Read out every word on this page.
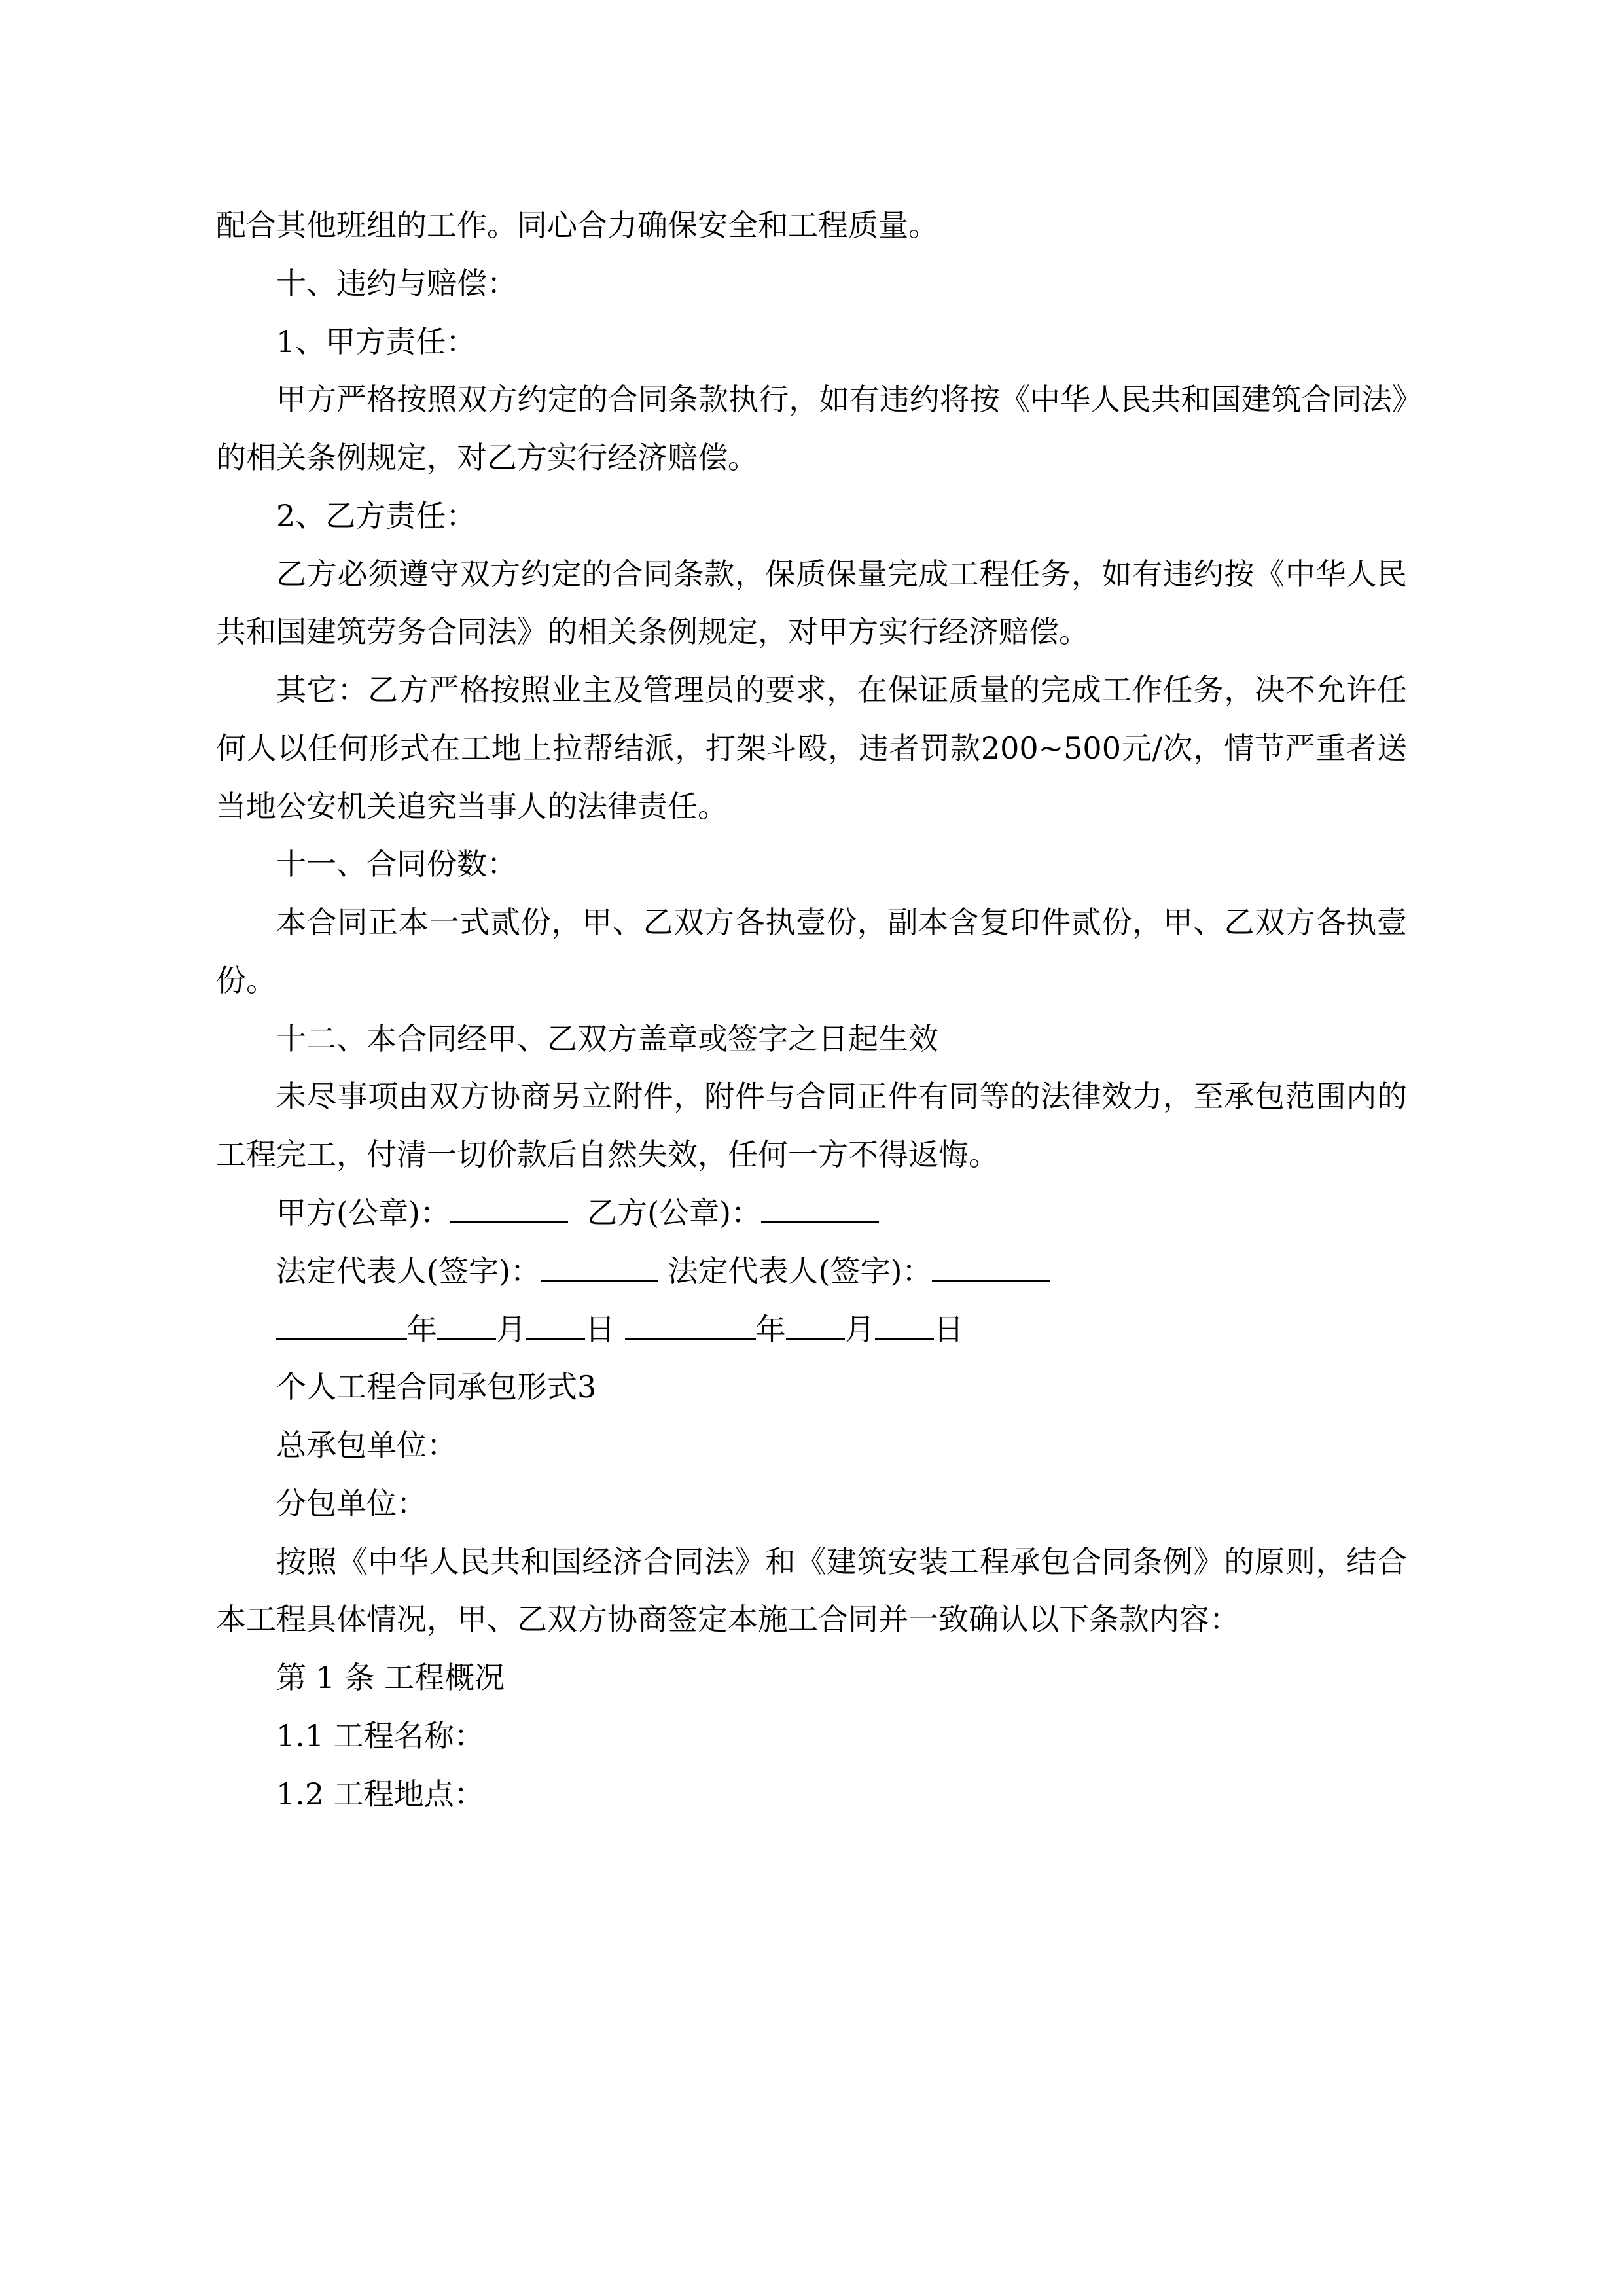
配合其他班组的工作。同心合力确保安全和工程质量。

十、违约与赔偿：

1、甲方责任：

甲方严格按照双方约定的合同条款执行，如有违约将按《中华人民共和国建筑合同法》的相关条例规定，对乙方实行经济赔偿。

2、乙方责任：

乙方必须遵守双方约定的合同条款，保质保量完成工程任务，如有违约按《中华人民共和国建筑劳务合同法》的相关条例规定，对甲方实行经济赔偿。

其它：乙方严格按照业主及管理员的要求，在保证质量的完成工作任务，决不允许任何人以任何形式在工地上拉帮结派，打架斗殴，违者罚款200~500元/次，情节严重者送当地公安机关追究当事人的法律责任。

十一、合同份数：

本合同正本一式贰份，甲、乙双方各执壹份，副本含复印件贰份，甲、乙双方各执壹份。

十二、本合同经甲、乙双方盖章或签字之日起生效

未尽事项由双方协商另立附件，附件与合同正件有同等的法律效力，至承包范围内的工程完工，付清一切价款后自然失效，任何一方不得返悔。

甲方(公章)：	乙方(公章)：

法定代表人(签字)：	法定代表人(签字)：

年 月 日	年 月 日

个人工程合同承包形式3

总承包单位：

分包单位：

按照《中华人民共和国经济合同法》和《建筑安装工程承包合同条例》的原则，结合本工程具体情况，甲、乙双方协商签定本施工合同并一致确认以下条款内容：

第 1 条 工程概况

1.1 工程名称：

1.2 工程地点：
